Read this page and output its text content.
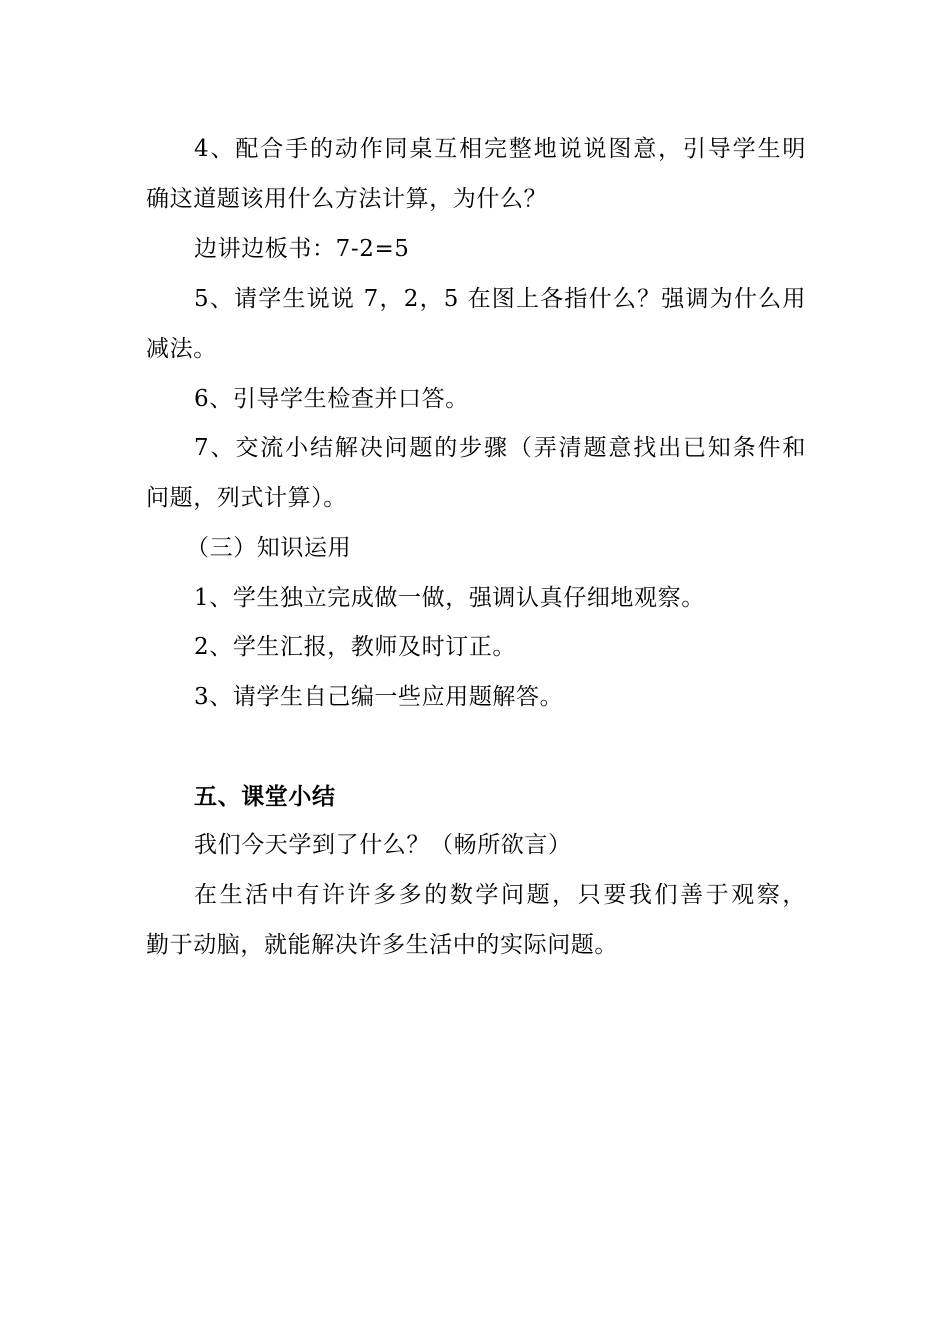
4、配合手的动作同桌互相完整地说说图意，引导学生明
确这道题该用什么方法计算，为什么？
边讲边板书：7-2=5
5、请学生说说 7，2，5 在图上各指什么？强调为什么用
减法。
6、引导学生检查并口答。
7、交流小结解决问题的步骤（弄清题意找出已知条件和
问题，列式计算）。
（三）知识运用
1、学生独立完成做一做，强调认真仔细地观察。
2、学生汇报，教师及时订正。
3、请学生自己编一些应用题解答。
五、课堂小结
我们今天学到了什么？（畅所欲言）
在生活中有许许多多的数学问题，只要我们善于观察，
勤于动脑，就能解决许多生活中的实际问题。
